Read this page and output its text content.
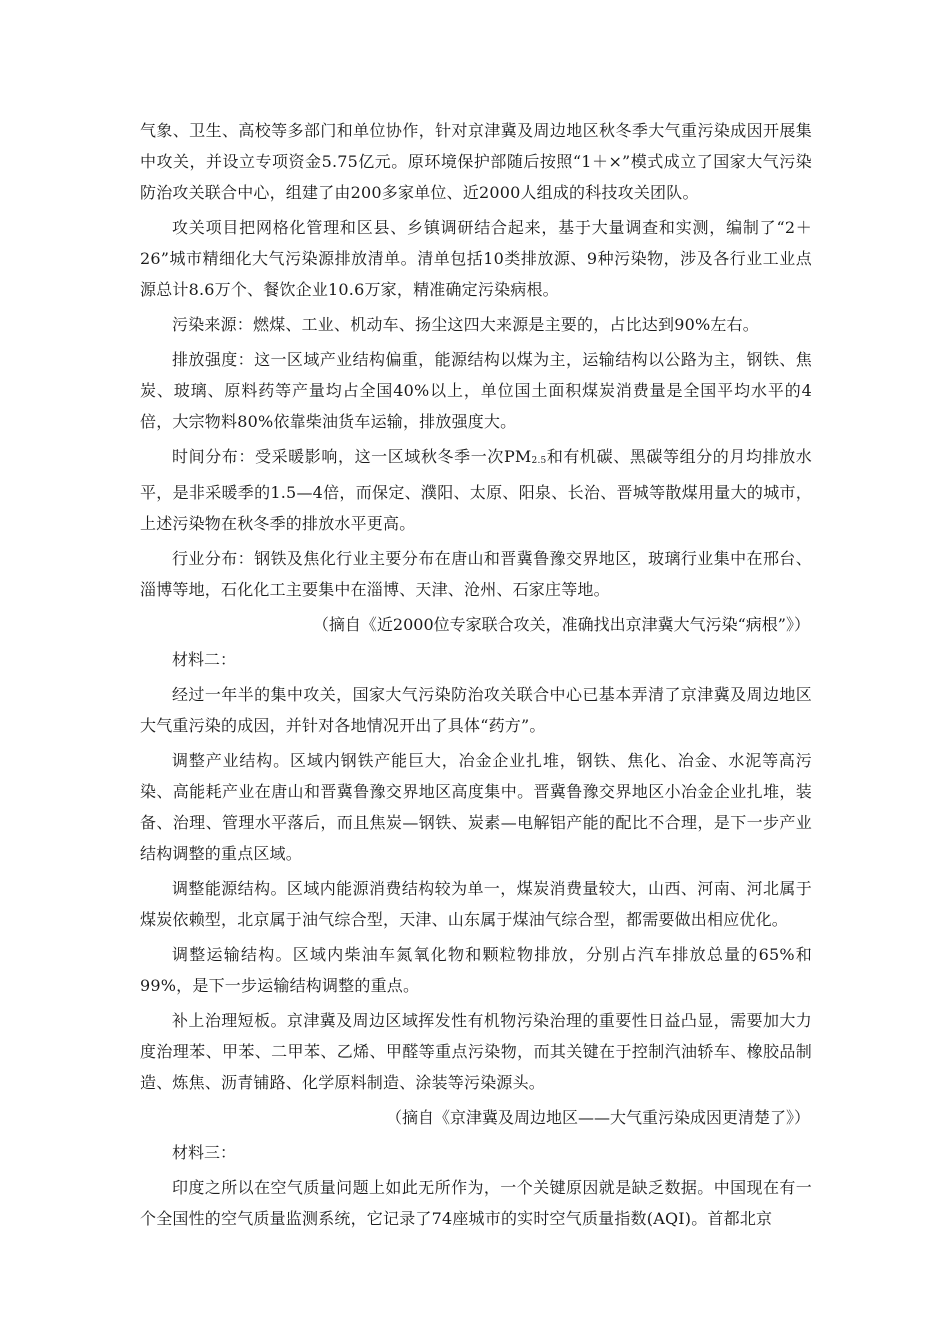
气象、卫生、高校等多部门和单位协作，针对京津冀及周边地区秋冬季大气重污染成因开展集中攻关，并设立专项资金5.75亿元。原环境保护部随后按照“1＋×”模式成立了国家大气污染防治攻关联合中心，组建了由200多家单位、近2000人组成的科技攻关团队。

攻关项目把网格化管理和区县、乡镇调研结合起来，基于大量调查和实测，编制了“2＋26”城市精细化大气污染源排放清单。清单包括10类排放源、9种污染物，涉及各行业工业点源总计8.6万个、餐饮企业10.6万家，精准确定污染病根。

污染来源：燃煤、工业、机动车、扬尘这四大来源是主要的，占比达到90%左右。

排放强度：这一区域产业结构偏重，能源结构以煤为主，运输结构以公路为主，钢铁、焦炭、玻璃、原料药等产量均占全国40%以上，单位国土面积煤炭消费量是全国平均水平的4倍，大宗物料80%依靠柴油货车运输，排放强度大。

时间分布：受采暖影响，这一区域秋冬季一次$PM_{2.5}$和有机碳、黑碳等组分的月均排放水平，是非采暖季的1.5—4倍，而保定、濮阳、太原、阳泉、长治、晋城等散煤用量大的城市，上述污染物在秋冬季的排放水平更高。

行业分布：钢铁及焦化行业主要分布在唐山和晋冀鲁豫交界地区，玻璃行业集中在邢台、淄博等地，石化化工主要集中在淄博、天津、沧州、石家庄等地。

（摘自《近2000位专家联合攻关，准确找出京津冀大气污染“病根”》）

材料二：

经过一年半的集中攻关，国家大气污染防治攻关联合中心已基本弄清了京津冀及周边地区大气重污染的成因，并针对各地情况开出了具体“药方”。

调整产业结构。区域内钢铁产能巨大，冶金企业扎堆，钢铁、焦化、冶金、水泥等高污染、高能耗产业在唐山和晋冀鲁豫交界地区高度集中。晋冀鲁豫交界地区小冶金企业扎堆，装备、治理、管理水平落后，而且焦炭—钢铁、炭素—电解铝产能的配比不合理，是下一步产业结构调整的重点区域。

调整能源结构。区域内能源消费结构较为单一，煤炭消费量较大，山西、河南、河北属于煤炭依赖型，北京属于油气综合型，天津、山东属于煤油气综合型，都需要做出相应优化。

调整运输结构。区域内柴油车氮氧化物和颗粒物排放，分别占汽车排放总量的65%和99%，是下一步运输结构调整的重点。

补上治理短板。京津冀及周边区域挥发性有机物污染治理的重要性日益凸显，需要加大力度治理苯、甲苯、二甲苯、乙烯、甲醛等重点污染物，而其关键在于控制汽油轿车、橡胶品制造、炼焦、沥青铺路、化学原料制造、涂装等污染源头。

（摘自《京津冀及周边地区——大气重污染成因更清楚了》）

材料三：

印度之所以在空气质量问题上如此无所作为，一个关键原因就是缺乏数据。中国现在有一个全国性的空气质量监测系统，它记录了74座城市的实时空气质量指数(AQI)。首都北京
